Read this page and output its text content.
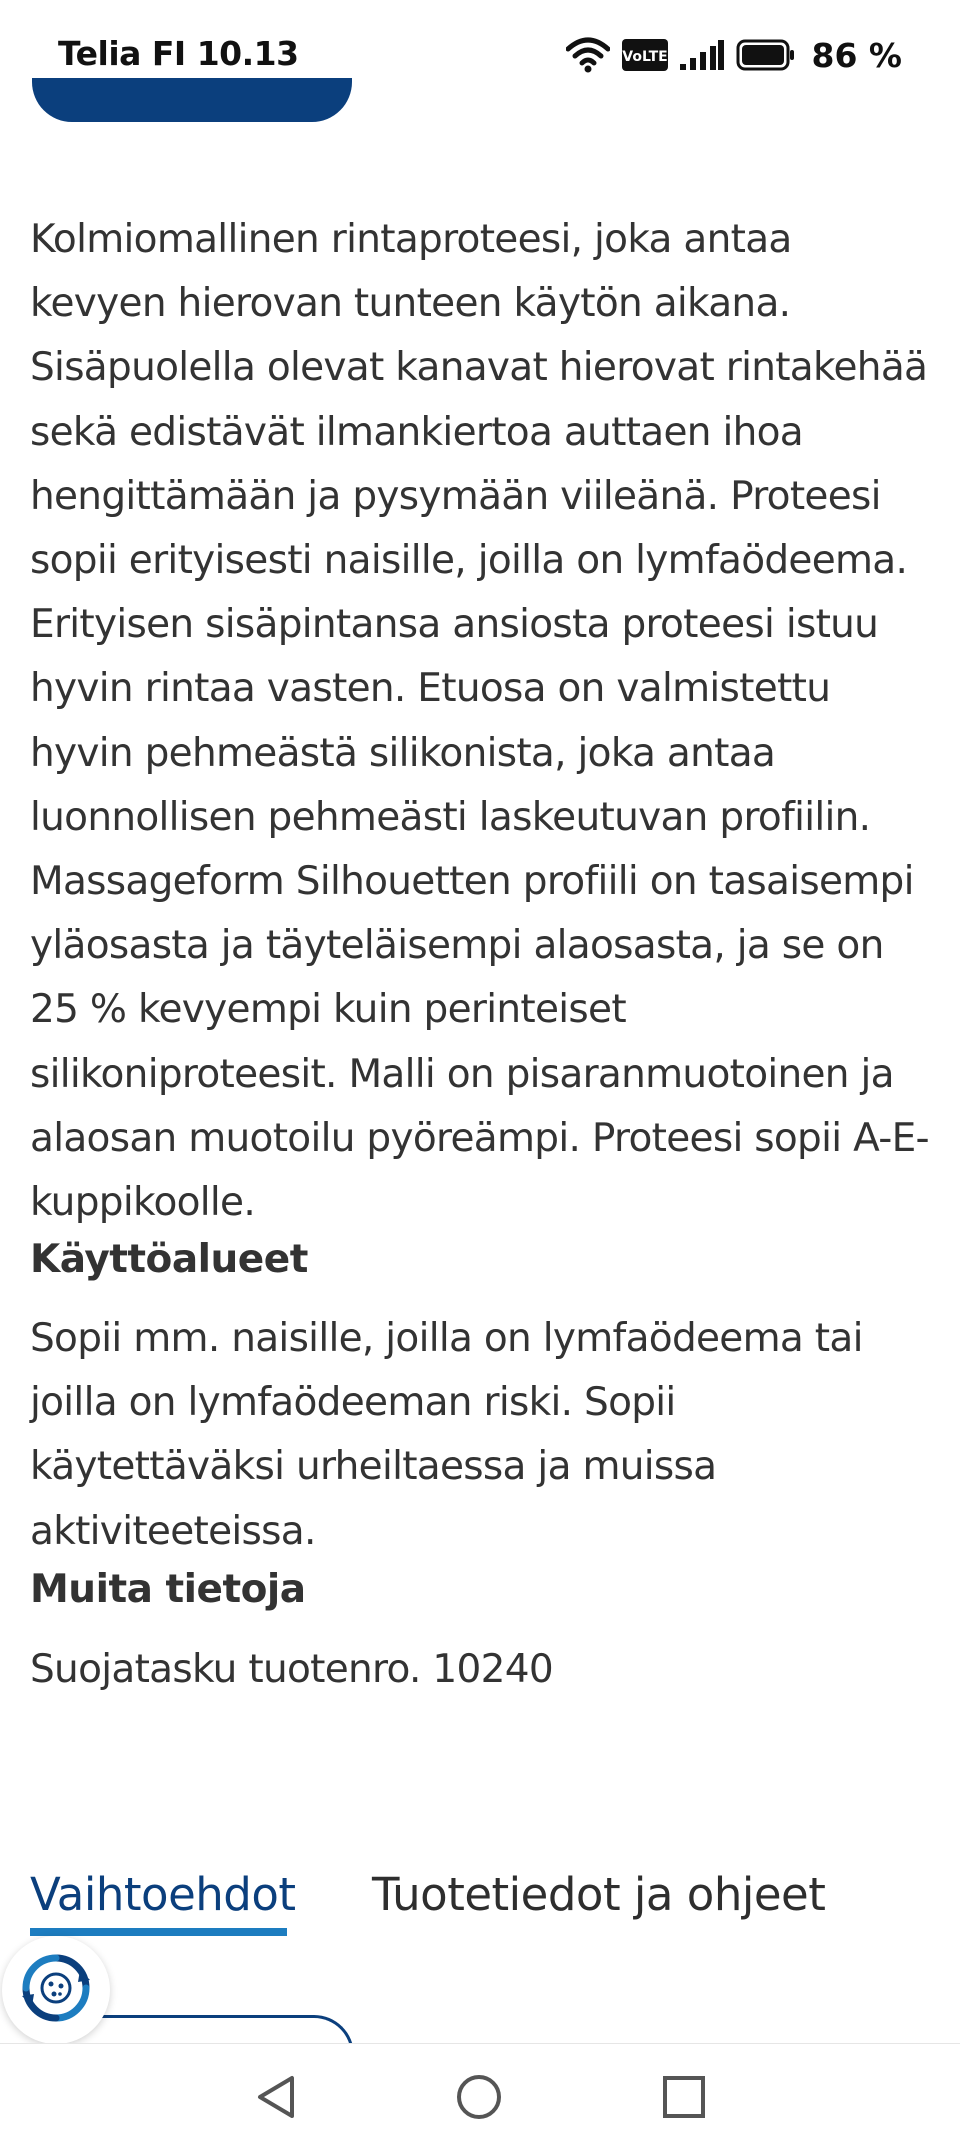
Telia FI 10.13	VoLTE	86 %

Kolmiomallinen rintaproteesi, joka antaa kevyen hierovan tunteen käytön aikana. Sisäpuolella olevat kanavat hierovat rintakehää sekä edistävät ilmankiertoa auttaen ihoa hengittämään ja pysymään viileänä. Proteesi sopii erityisesti naisille, joilla on lymfaödeema. Erityisen sisäpintansa ansiosta proteesi istuu hyvin rintaa vasten. Etuosa on valmistettu hyvin pehmeästä silikonista, joka antaa luonnollisen pehmeästi laskeutuvan profiilin. Massageform Silhouetten profiili on tasaisempi yläosasta ja täyteläisempi alaosasta, ja se on 25 % kevyempi kuin perinteiset silikoniproteesit. Malli on pisaranmuotoinen ja alaosan muotoilu pyöreämpi. Proteesi sopii A-E-kuppikoolle.

Käyttöalueet

Sopii mm. naisille, joilla on lymfaödeema tai joilla on lymfaödeeman riski. Sopii käytettäväksi urheiltaessa ja muissa aktiviteeteissa.

Muita tietoja

Suojatasku tuotenro. 10240

Vaihtoehdot Tuotetiedot ja ohjeet
